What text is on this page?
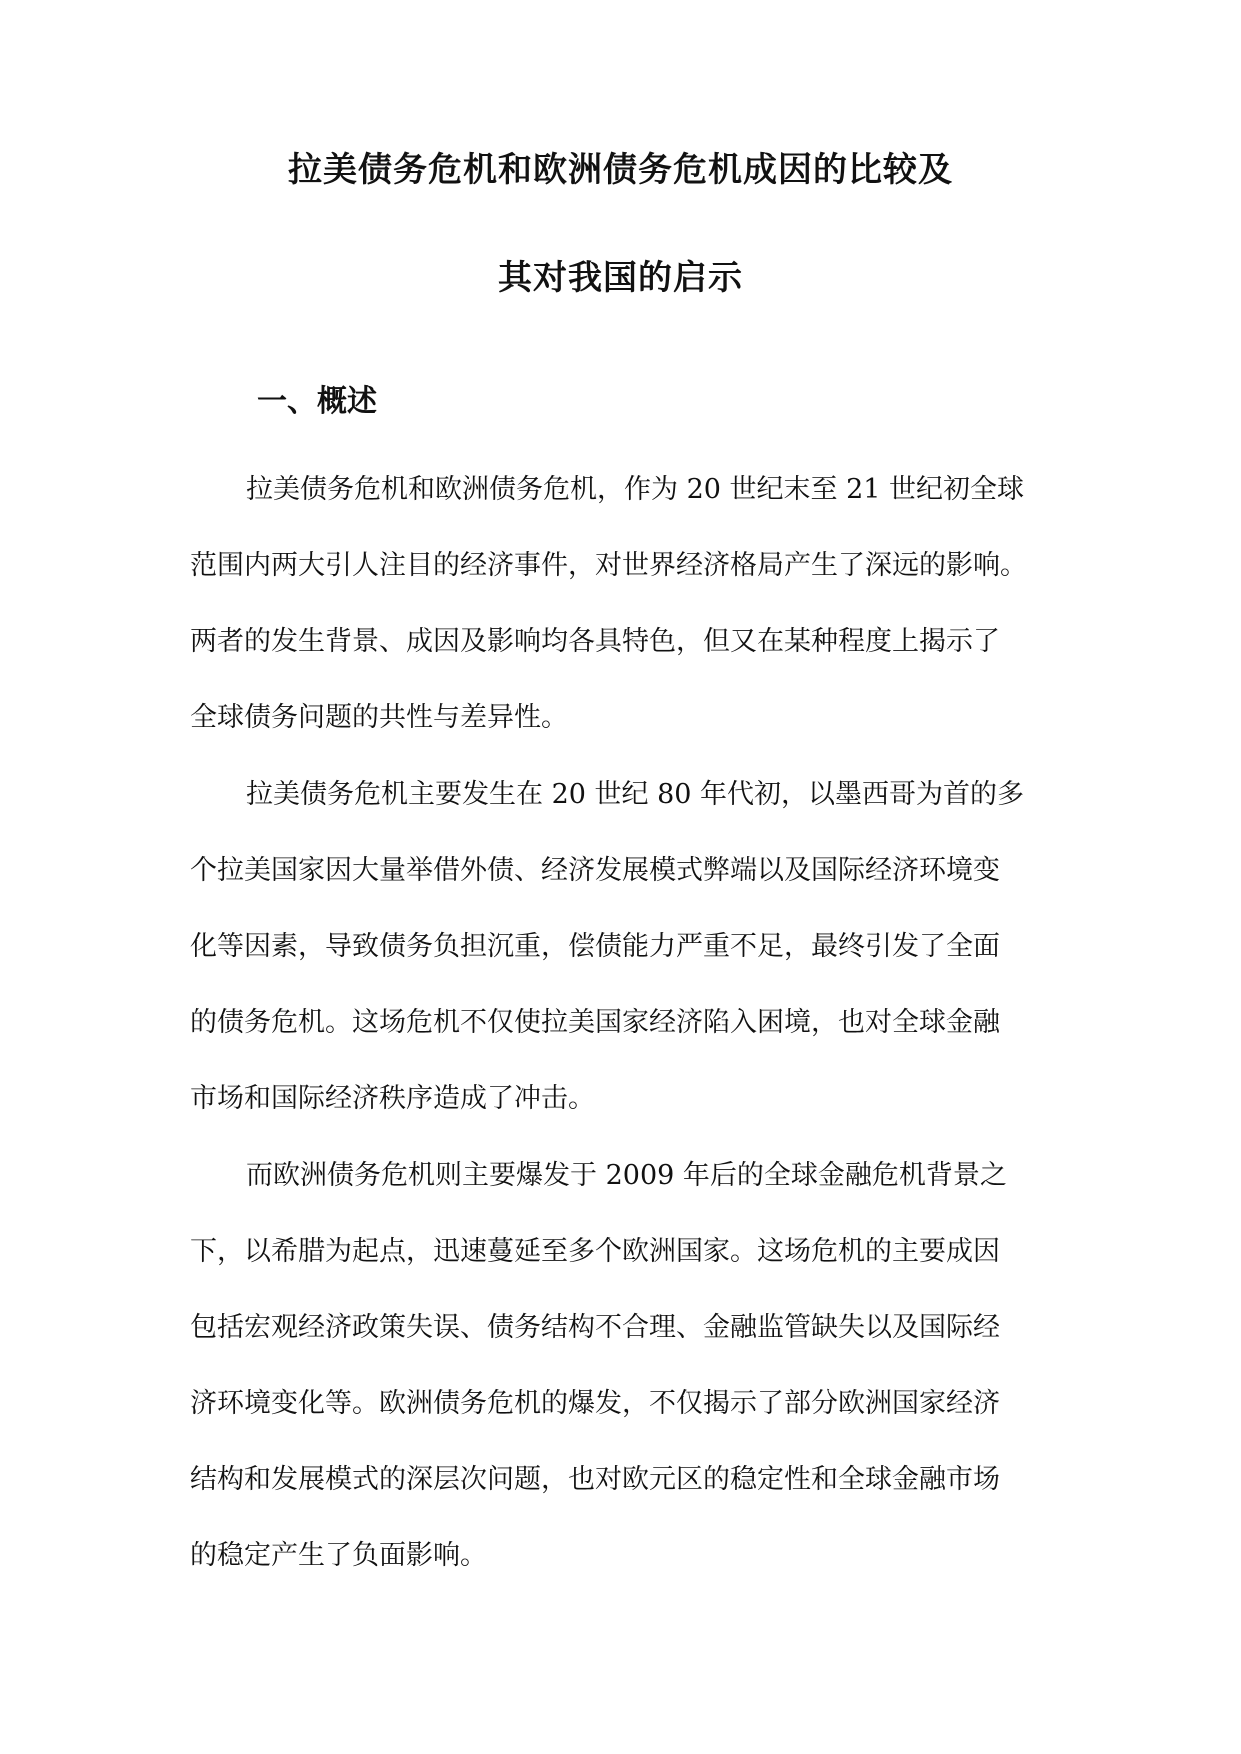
拉美债务危机和欧洲债务危机成因的比较及
其对我国的启示
一、概述
拉美债务危机和欧洲债务危机，作为 20 世纪末至 21 世纪初全球
范围内两大引人注目的经济事件，对世界经济格局产生了深远的影响。
两者的发生背景、成因及影响均各具特色，但又在某种程度上揭示了
全球债务问题的共性与差异性。
拉美债务危机主要发生在 20 世纪 80 年代初，以墨西哥为首的多
个拉美国家因大量举借外债、经济发展模式弊端以及国际经济环境变
化等因素，导致债务负担沉重，偿债能力严重不足，最终引发了全面
的债务危机。这场危机不仅使拉美国家经济陷入困境，也对全球金融
市场和国际经济秩序造成了冲击。
而欧洲债务危机则主要爆发于 2009 年后的全球金融危机背景之
下，以希腊为起点，迅速蔓延至多个欧洲国家。这场危机的主要成因
包括宏观经济政策失误、债务结构不合理、金融监管缺失以及国际经
济环境变化等。欧洲债务危机的爆发，不仅揭示了部分欧洲国家经济
结构和发展模式的深层次问题，也对欧元区的稳定性和全球金融市场
的稳定产生了负面影响。
